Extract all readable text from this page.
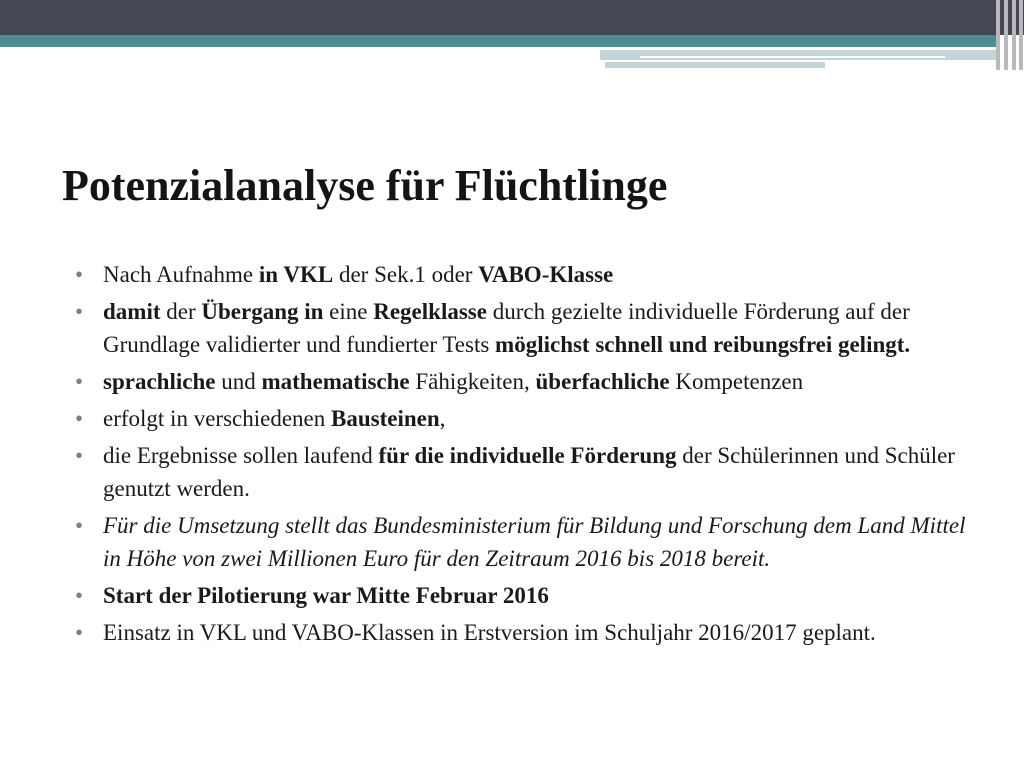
Potenzialanalyse für Flüchtlinge
• Nach Aufnahme in VKL der Sek.1 oder VABO-Klasse
• damit der Übergang in eine Regelklasse durch gezielte individuelle Förderung auf der Grundlage validierter und fundierter Tests möglichst schnell und reibungsfrei gelingt.
• sprachliche und mathematische Fähigkeiten, überfachliche Kompetenzen
• erfolgt in verschiedenen Bausteinen,
• die Ergebnisse sollen laufend für die individuelle Förderung der Schülerinnen und Schüler genutzt werden.
• Für die Umsetzung stellt das Bundesministerium für Bildung und Forschung dem Land Mittel in Höhe von zwei Millionen Euro für den Zeitraum 2016 bis 2018 bereit.
• Start der Pilotierung war Mitte Februar 2016
• Einsatz in VKL und VABO-Klassen in Erstversion im Schuljahr 2016/2017 geplant.
